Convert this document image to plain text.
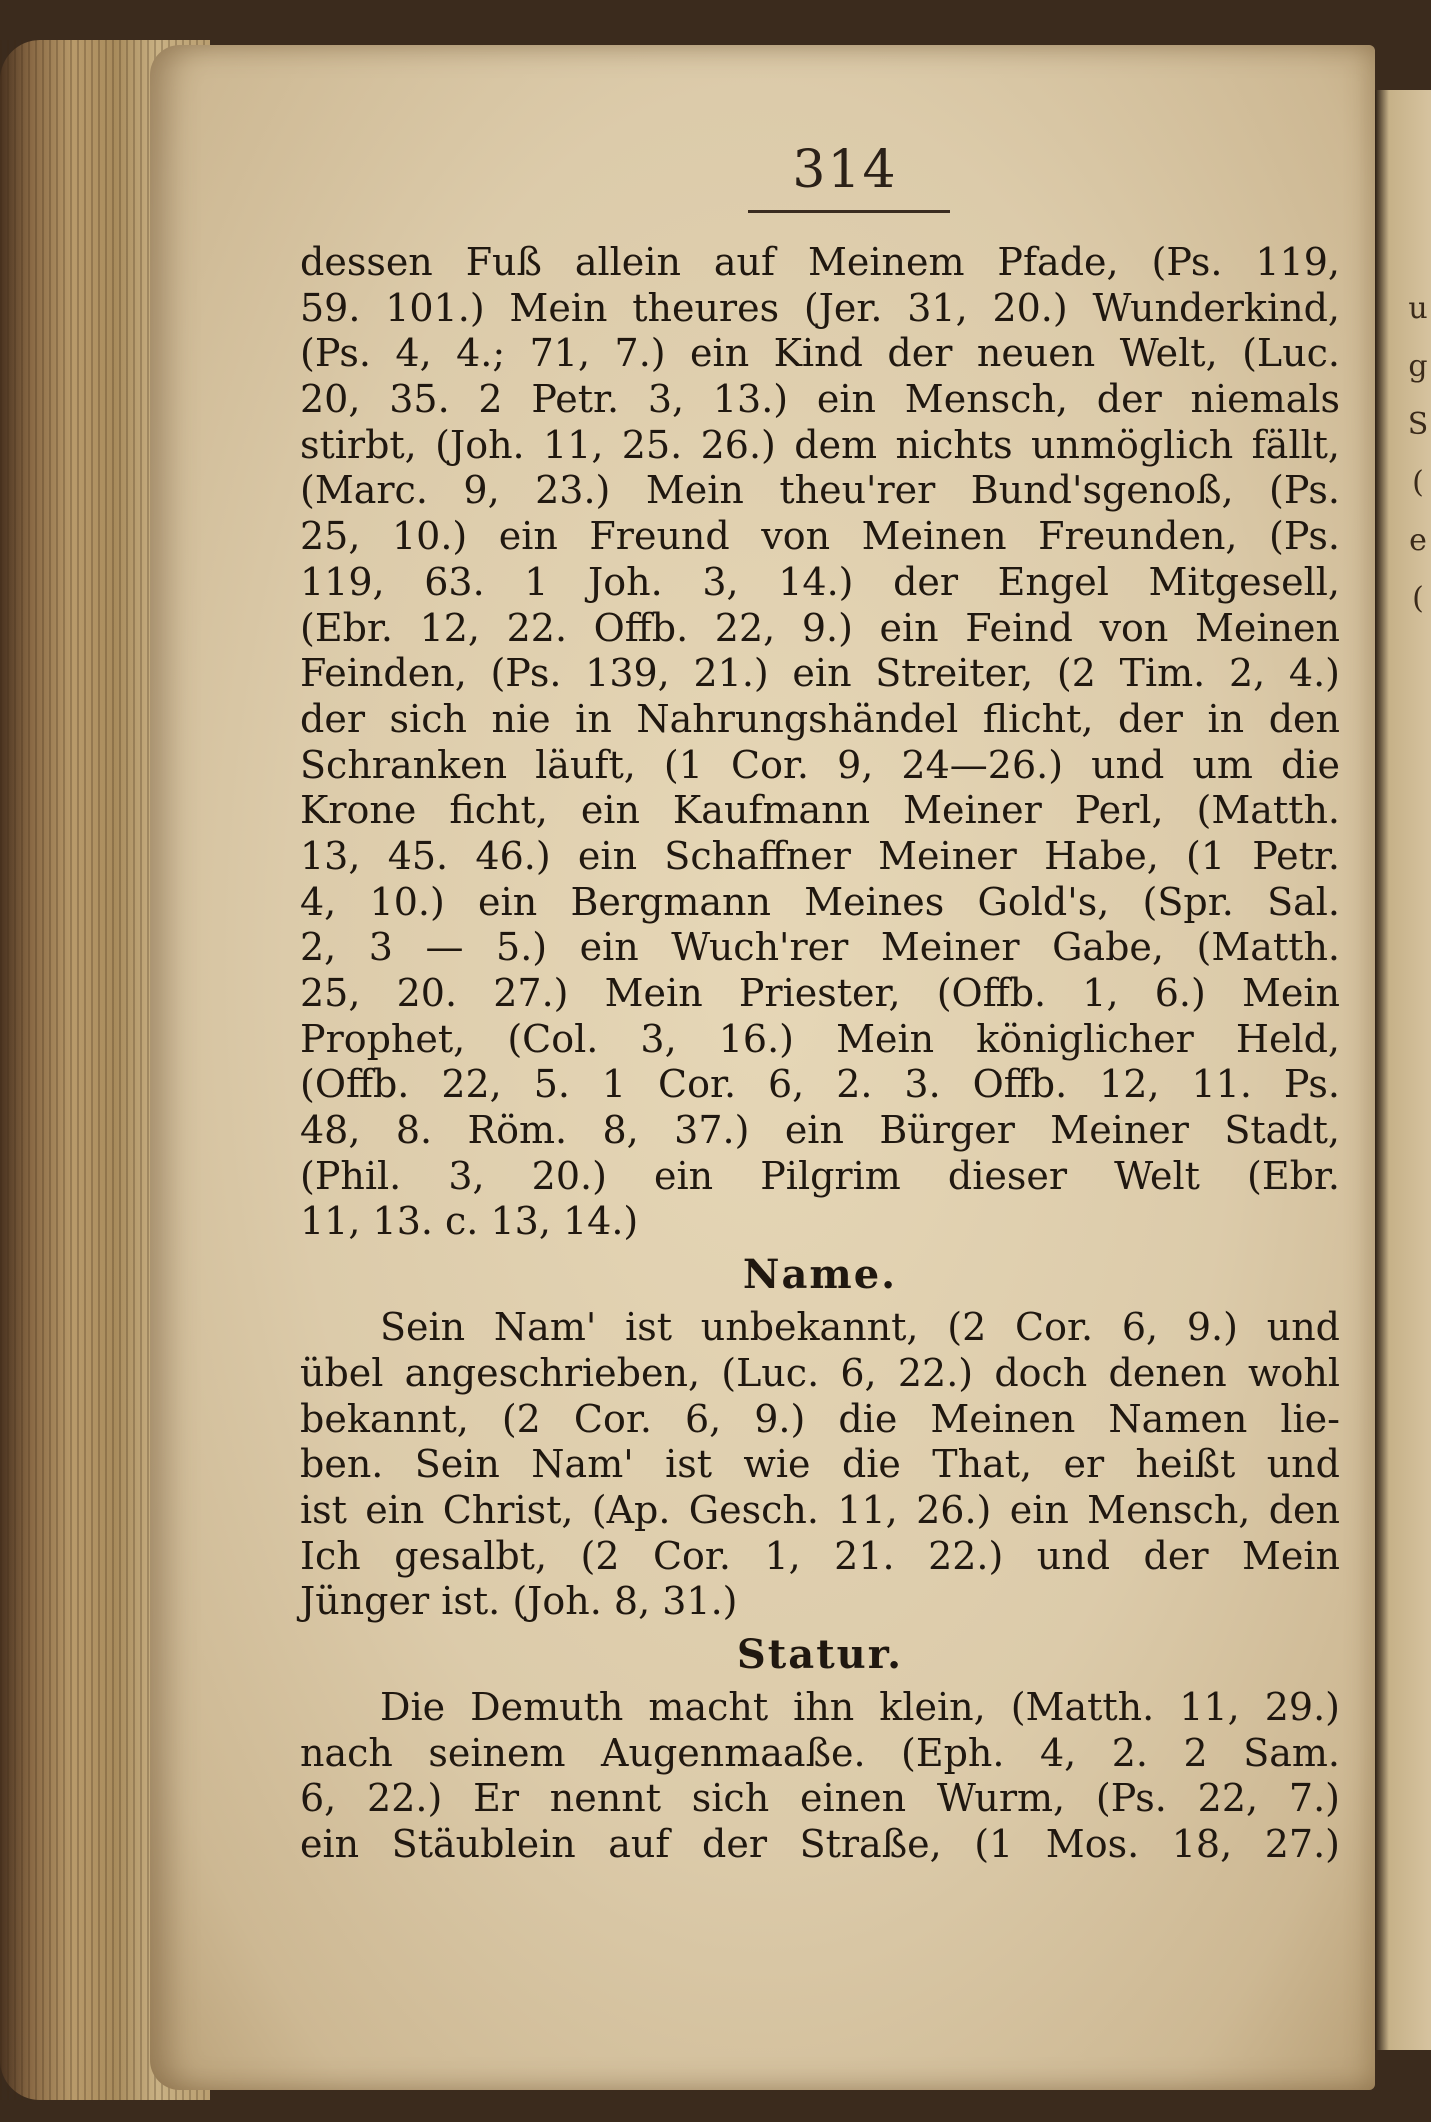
u
g
S
(
e
(
314
dessen Fuß allein auf Meinem Pfade, (Ps. 119,
59. 101.) Mein theures (Jer. 31, 20.) Wunderkind,
(Ps. 4, 4.; 71, 7.) ein Kind der neuen Welt, (Luc.
20, 35. 2 Petr. 3, 13.) ein Mensch, der niemals
stirbt, (Joh. 11, 25. 26.) dem nichts unmöglich fällt,
(Marc. 9, 23.) Mein theu'rer Bund'sgenoß, (Ps.
25, 10.) ein Freund von Meinen Freunden, (Ps.
119, 63. 1 Joh. 3, 14.) der Engel Mitgesell,
(Ebr. 12, 22. Offb. 22, 9.) ein Feind von Meinen
Feinden, (Ps. 139, 21.) ein Streiter, (2 Tim. 2, 4.)
der sich nie in Nahrungshändel flicht, der in den
Schranken läuft, (1 Cor. 9, 24—26.) und um die
Krone ficht, ein Kaufmann Meiner Perl, (Matth.
13, 45. 46.) ein Schaffner Meiner Habe, (1 Petr.
4, 10.) ein Bergmann Meines Gold's, (Spr. Sal.
2, 3 — 5.) ein Wuch'rer Meiner Gabe, (Matth.
25, 20. 27.) Mein Priester, (Offb. 1, 6.) Mein
Prophet, (Col. 3, 16.) Mein königlicher Held,
(Offb. 22, 5. 1 Cor. 6, 2. 3. Offb. 12, 11. Ps.
48, 8. Röm. 8, 37.) ein Bürger Meiner Stadt,
(Phil. 3, 20.) ein Pilgrim dieser Welt (Ebr.
11, 13. c. 13, 14.)
Name.
Sein Nam' ist unbekannt, (2 Cor. 6, 9.) und
übel angeschrieben, (Luc. 6, 22.) doch denen wohl
bekannt, (2 Cor. 6, 9.) die Meinen Namen lie-
ben. Sein Nam' ist wie die That, er heißt und
ist ein Christ, (Ap. Gesch. 11, 26.) ein Mensch, den
Ich gesalbt, (2 Cor. 1, 21. 22.) und der Mein
Jünger ist. (Joh. 8, 31.)
Statur.
Die Demuth macht ihn klein, (Matth. 11, 29.)
nach seinem Augenmaaße. (Eph. 4, 2. 2 Sam.
6, 22.) Er nennt sich einen Wurm, (Ps. 22, 7.)
ein Stäublein auf der Straße, (1 Mos. 18, 27.)
